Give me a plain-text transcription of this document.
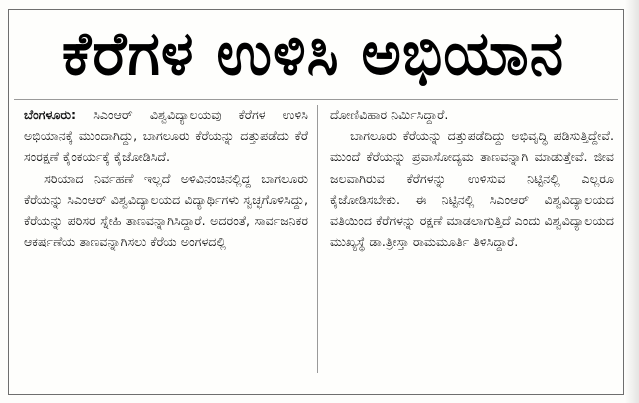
ಕೆರೆಗಳ ಉಳಿಸಿ ಅಭಿಯಾನ

ಬೆಂಗಳೂರು: ಸಿಎಂಆರ್ ವಿಶ್ವವಿದ್ಯಾಲಯವು ಕೆರೆಗಳ ಉಳಿಸಿ ಅಭಿಯಾನಕ್ಕೆ ಮುಂದಾಗಿದ್ದು, ಬಾಗಲೂರು ಕೆರೆಯನ್ನು ದತ್ತುಪಡೆದು ಕೆರೆ ಸಂರಕ್ಷಣೆ ಕೈಂಕರ್ಯಕ್ಕೆ ಕೈಜೋಡಿಸಿದೆ.

ಸರಿಯಾದ ನಿರ್ವಹಣೆ ಇಲ್ಲದೆ ಅಳಿವಿನಂಚಿನಲ್ಲಿದ್ದ ಬಾಗಲೂರು ಕೆರೆಯನ್ನು ಸಿಎಂಆರ್ ವಿಶ್ವವಿದ್ಯಾಲಯದ ವಿದ್ಯಾರ್ಥಿಗಳು ಸ್ವಚ್ಛಗೊಳಿಸಿದ್ದು, ಕೆರೆಯನ್ನು ಪರಿಸರ ಸ್ನೇಹಿ ತಾಣವನ್ನಾಗಿಸಿದ್ದಾರೆ. ಅದರಂತೆ, ಸಾರ್ವಜನಿಕರ ಆಕರ್ಷಣೆಯ ತಾಣವನ್ನಾಗಿಸಲು ಕೆರೆಯ ಅಂಗಳದಲ್ಲಿ

ದೋಣಿವಿಹಾರ ನಿರ್ಮಿಸಿದ್ದಾರೆ.

ಬಾಗಲೂರು ಕೆರೆಯನ್ನು ದತ್ತುಪಡೆದಿದ್ದು ಅಭಿವೃದ್ಧಿ ಪಡಿಸುತ್ತಿದ್ದೇವೆ. ಮುಂದೆ ಕೆರೆಯನ್ನು ಪ್ರವಾಸೋದ್ಯಮ ತಾಣವನ್ನಾಗಿ ಮಾಡುತ್ತೇವೆ. ಜೀವ ಜಲವಾಗಿರುವ ಕೆರೆಗಳನ್ನು ಉಳಿಸುವ ನಿಟ್ಟಿನಲ್ಲಿ ಎಲ್ಲರೂ ಕೈಜೋಡಿಸಬೇಕು. ಈ ನಿಟ್ಟಿನಲ್ಲಿ ಸಿಎಂಆರ್ ವಿಶ್ವವಿದ್ಯಾಲಯದ ವತಿಯಿಂದ ಕೆರೆಗಳನ್ನು ರಕ್ಷಣೆ ಮಾಡಲಾಗುತ್ತಿದೆ ಎಂದು ವಿಶ್ವವಿದ್ಯಾಲಯದ ಮುಖ್ಯಸ್ಥೆ ಡಾ.ತ್ರೀಸ್ತಾ ರಾಮಮೂರ್ತಿ ತಿಳಿಸಿದ್ದಾರೆ.
